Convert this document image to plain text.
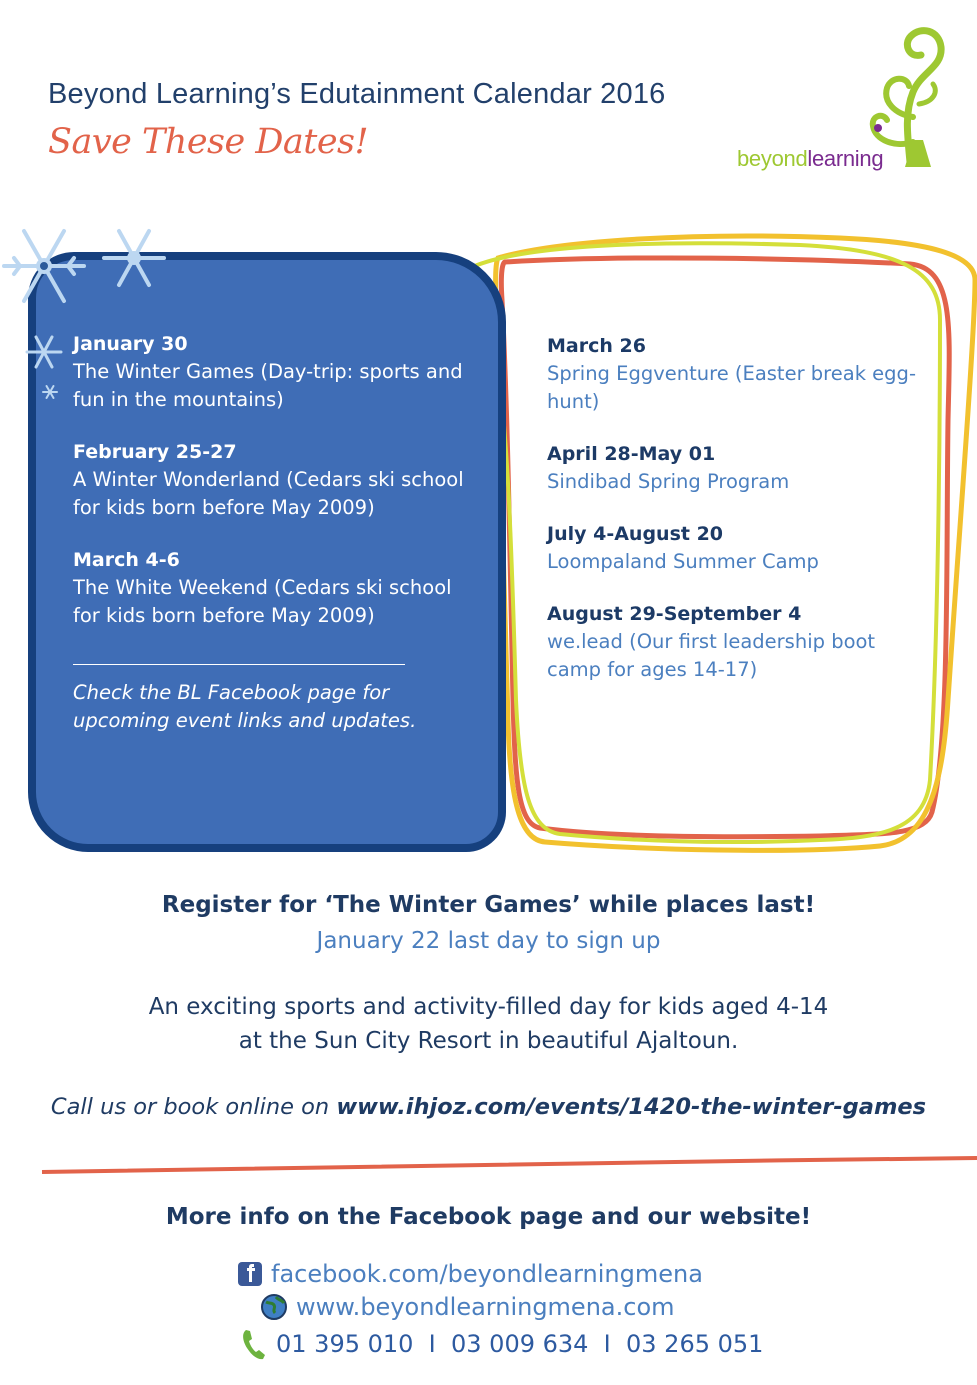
Beyond Learning’s Edutainment Calendar 2016
Save These Dates!	beyondlearning
January 30
The Winter Games (Day-trip: sports and fun in the mountains)
February 25-27
A Winter Wonderland (Cedars ski school for kids born before May 2009)
March 4-6
The White Weekend (Cedars ski school for kids born before May 2009)
Check the BL Facebook page for upcoming event links and updates.
March 26
Spring Eggventure (Easter break egg-hunt)
April 28-May 01
Sindibad Spring Program
July 4-August 20
Loompaland Summer Camp
August 29-September 4
we.lead (Our first leadership boot camp for ages 14-17)
Register for ‘The Winter Games’ while places last!
January 22 last day to sign up
An exciting sports and activity-filled day for kids aged 4-14
at the Sun City Resort in beautiful Ajaltoun.
Call us or book online on www.ihjoz.com/events/1420-the-winter-games
More info on the Facebook page and our website!
facebook.com/beyondlearningmena
www.beyondlearningmena.com
01 395 010  I  03 009 634  I  03 265 051
